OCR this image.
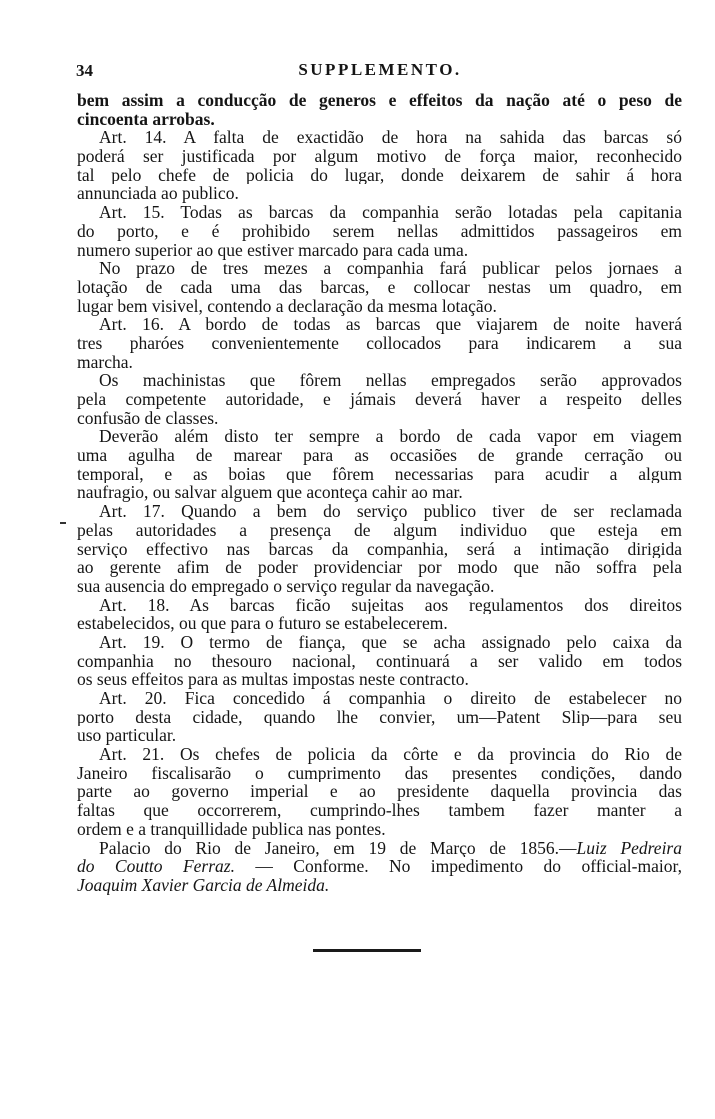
34	SUPPLEMENTO.
bem assim a conducção de generos e effeitos da nação até o peso de
cincoenta arrobas.
Art. 14. A falta de exactidão de hora na sahida das barcas só
poderá ser justificada por algum motivo de força maior, reconhecido
tal pelo chefe de policia do lugar, donde deixarem de sahir á hora
annunciada ao publico.
Art. 15. Todas as barcas da companhia serão lotadas pela capitania
do porto, e é prohibido serem nellas admittidos passageiros em
numero superior ao que estiver marcado para cada uma.
No prazo de tres mezes a companhia fará publicar pelos jornaes a
lotação de cada uma das barcas, e collocar nestas um quadro, em
lugar bem visivel, contendo a declaração da mesma lotação.
Art. 16. A bordo de todas as barcas que viajarem de noite haverá
tres pharóes convenientemente collocados para indicarem a sua
marcha.
Os machinistas que fôrem nellas empregados serão approvados
pela competente autoridade, e jámais deverá haver a respeito delles
confusão de classes.
Deverão além disto ter sempre a bordo de cada vapor em viagem
uma agulha de marear para as occasiões de grande cerração ou
temporal, e as boias que fôrem necessarias para acudir a algum
naufragio, ou salvar alguem que aconteça cahir ao mar.
Art. 17. Quando a bem do serviço publico tiver de ser reclamada
pelas autoridades a presença de algum individuo que esteja em
serviço effectivo nas barcas da companhia, será a intimação dirigida
ao gerente afim de poder providenciar por modo que não soffra pela
sua ausencia do empregado o serviço regular da navegação.
Art. 18. As barcas ficão sujeitas aos regulamentos dos direitos
estabelecidos, ou que para o futuro se estabelecerem.
Art. 19. O termo de fiança, que se acha assignado pelo caixa da
companhia no thesouro nacional, continuará a ser valido em todos
os seus effeitos para as multas impostas neste contracto.
Art. 20. Fica concedido á companhia o direito de estabelecer no
porto desta cidade, quando lhe convier, um—Patent Slip—para seu
uso particular.
Art. 21. Os chefes de policia da côrte e da provincia do Rio de
Janeiro fiscalisarão o cumprimento das presentes condições, dando
parte ao governo imperial e ao presidente daquella provincia das
faltas que occorrerem, cumprindo-lhes tambem fazer manter a
ordem e a tranquillidade publica nas pontes.
Palacio do Rio de Janeiro, em 19 de Março de 1856.—Luiz Pedreira
do Coutto Ferraz. — Conforme. No impedimento do official-maior,
Joaquim Xavier Garcia de Almeida.
